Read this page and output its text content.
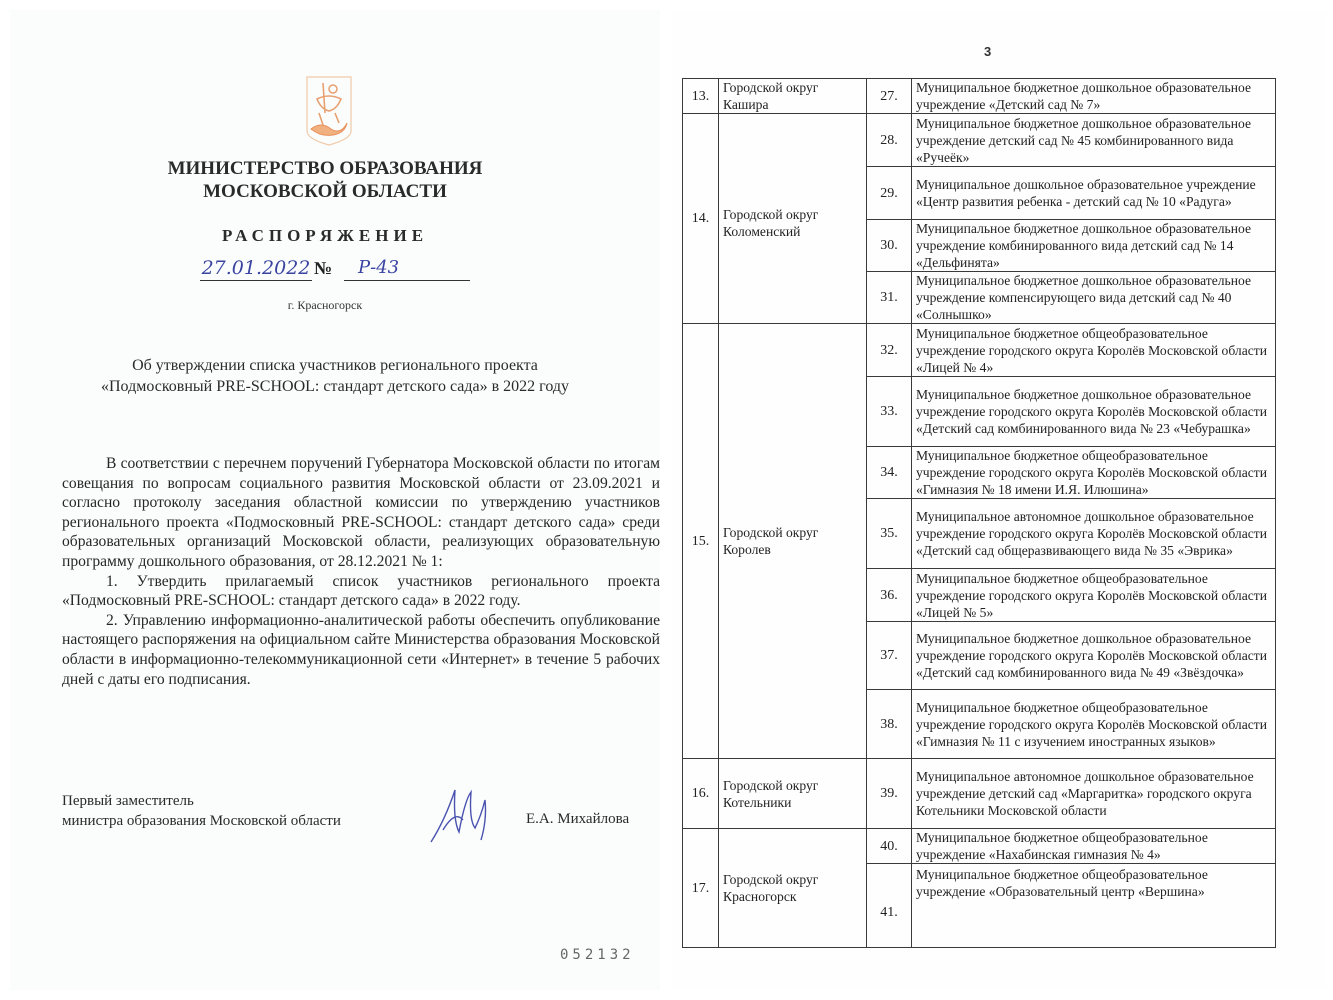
МИНИСТЕРСТВО ОБРАЗОВАНИЯ
МОСКОВСКОЙ ОБЛАСТИ
РАСПОРЯЖЕНИЕ
27.01.2022 №	Р-43
г. Красногорск
Об утверждении списка участников регионального проекта
«Подмосковный PRE-SCHOOL: стандарт детского сада» в 2022 году

В соответствии с перечнем поручений Губернатора Московской области по итогам совещания по вопросам социального развития Московской области от 23.09.2021 и согласно протоколу заседания областной комиссии по утверждению участников регионального проекта «Подмосковный PRE-SCHOOL: стандарт детского сада» среди образовательных организаций Московской области, реализующих образовательную программу дошкольного образования, от 28.12.2021 № 1:

1. Утвердить прилагаемый список участников регионального проекта «Подмосковный PRE-SCHOOL: стандарт детского сада» в 2022 году.

2. Управлению информационно-аналитической работы обеспечить опубликование настоящего распоряжения на официальном сайте Министерства образования Московской области в информационно-телекоммуникационной сети «Интернет» в течение 5 рабочих дней с даты его подписания.

Первый заместитель
министра образования Московской области	Е.А. Михайлова
052132
3
13.	Городской округ Кашира	27.	Муниципальное бюджетное дошкольное образовательное учреждение «Детский сад № 7»
14.	Городской округ Коломенский	28.	Муниципальное бюджетное дошкольное образовательное учреждение детский сад № 45 комбинированного вида «Ручеёк»
		29.	Муниципальное дошкольное образовательное учреждение «Центр развития ребенка - детский сад № 10 «Радуга»
		30.	Муниципальное бюджетное дошкольное образовательное учреждение комбинированного вида детский сад № 14 «Дельфинята»
		31.	Муниципальное бюджетное дошкольное образовательное учреждение компенсирующего вида детский сад № 40 «Солнышко»
15.	Городской округ Королев	32.	Муниципальное бюджетное общеобразовательное учреждение городского округа Королёв Московской области «Лицей № 4»
		33.	Муниципальное бюджетное дошкольное образовательное учреждение городского округа Королёв Московской области «Детский сад комбинированного вида № 23 «Чебурашка»
		34.	Муниципальное бюджетное общеобразовательное учреждение городского округа Королёв Московской области «Гимназия № 18 имени И.Я. Илюшина»
		35.	Муниципальное автономное дошкольное образовательное учреждение городского округа Королёв Московской области «Детский сад общеразвивающего вида № 35 «Эврика»
		36.	Муниципальное бюджетное общеобразовательное учреждение городского округа Королёв Московской области «Лицей № 5»
		37.	Муниципальное бюджетное дошкольное образовательное учреждение городского округа Королёв Московской области «Детский сад комбинированного вида № 49 «Звёздочка»
		38.	Муниципальное бюджетное общеобразовательное учреждение городского округа Королёв Московской области «Гимназия № 11 с изучением иностранных языков»
16.	Городской округ Котельники	39.	Муниципальное автономное дошкольное образовательное учреждение детский сад «Маргаритка» городского округа Котельники Московской области
17.	Городской округ Красногорск	40.	Муниципальное бюджетное общеобразовательное учреждение «Нахабинская гимназия № 4»
		41.	Муниципальное бюджетное общеобразовательное учреждение «Образовательный центр «Вершина»
